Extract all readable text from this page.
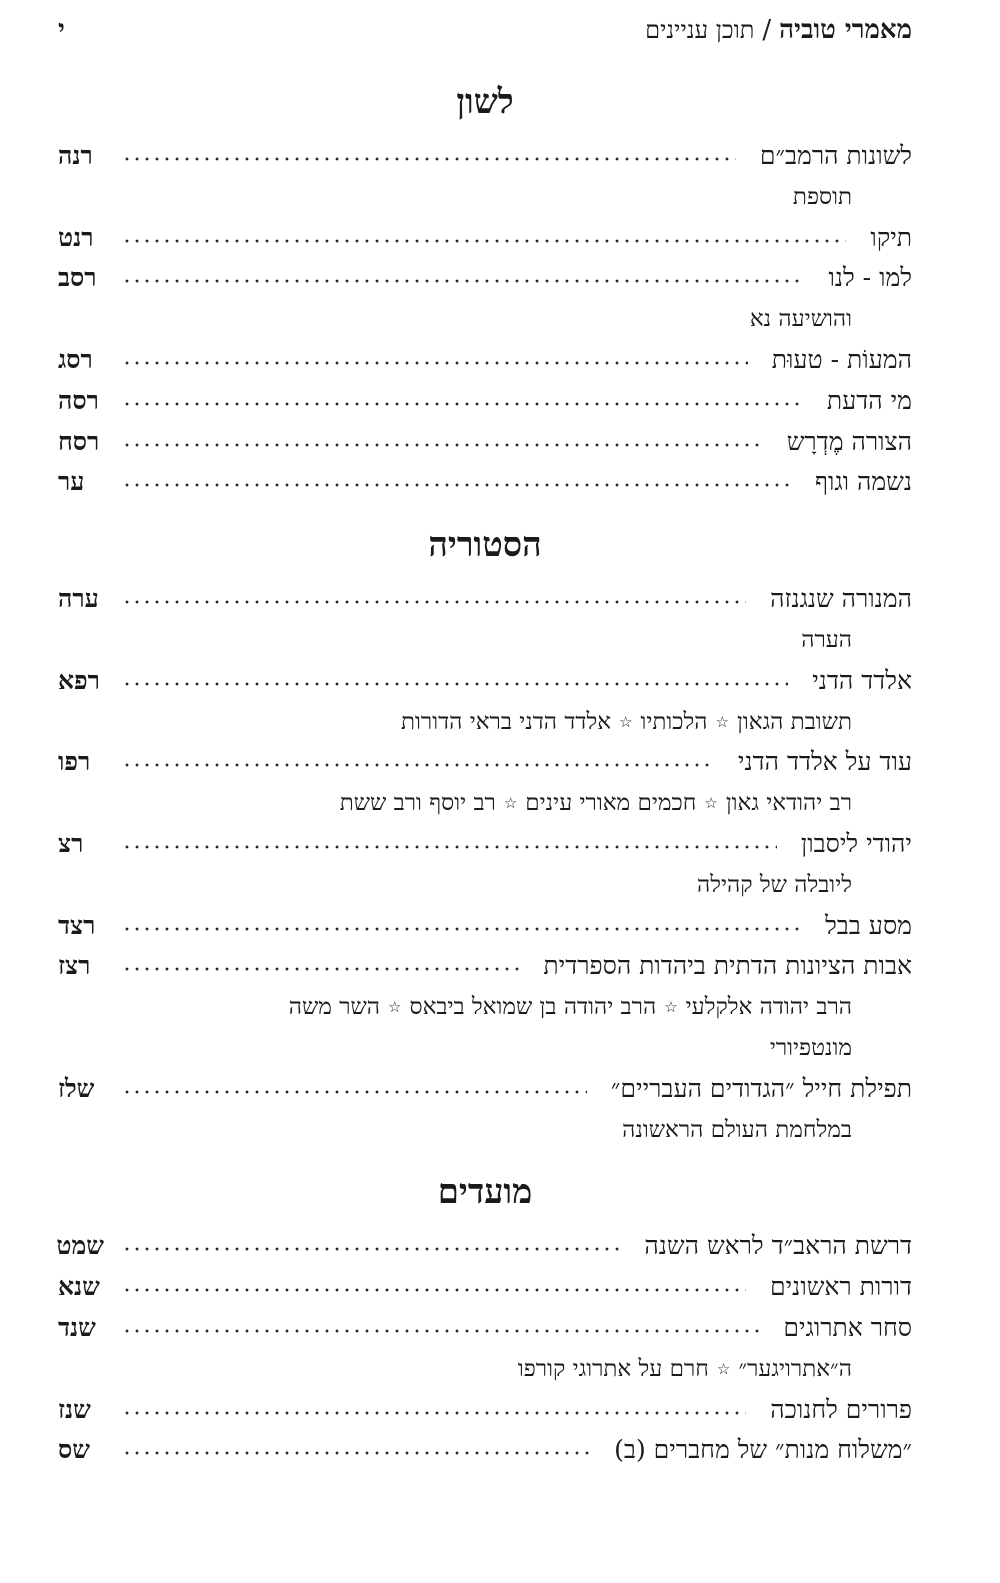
מאמרי טוביה
/
תוכן עניינים
י
לשון
לשונות הרמב״ם
רנה
תוספת
תיקו
רנט
למו - לנו
רסב
והושיעה נא
המעוֹת - טעוּת
רסג
מי הדעת
רסה
הצורה מֶדְרָש
רסח
נשמה וגוף
ער
הסטוריה
המנורה שנגנזה
ערה
הערה
אלדד הדני
רפא
תשובת הגאון☆הלכותיו☆אלדד הדני בראי הדורות
עוד על אלדד הדני
רפו
רב יהודאי גאון☆חכמים מאורי עינים☆רב יוסף ורב ששת
יהודי ליסבון
רצ
ליובלה של קהילה
מסע בבל
רצד
אבות הציונות הדתית ביהדות הספרדית
רצז
הרב יהודה אלקלעי☆הרב יהודה בן שמואל ביבאס☆השר משה
מונטפיורי
תפילת חייל ״הגדודים העבריים״
שלז
במלחמת העולם הראשונה
מועדים
דרשת הראב״ד לראש השנה
שמט
דורות ראשונים
שנא
סחר אתרוגים
שנד
ה״אתרויגער״☆חרם על אתרוגי קורפו
פרורים לחנוכה
שנז
״משלוח מנות״ של מחברים (ב)
שס
